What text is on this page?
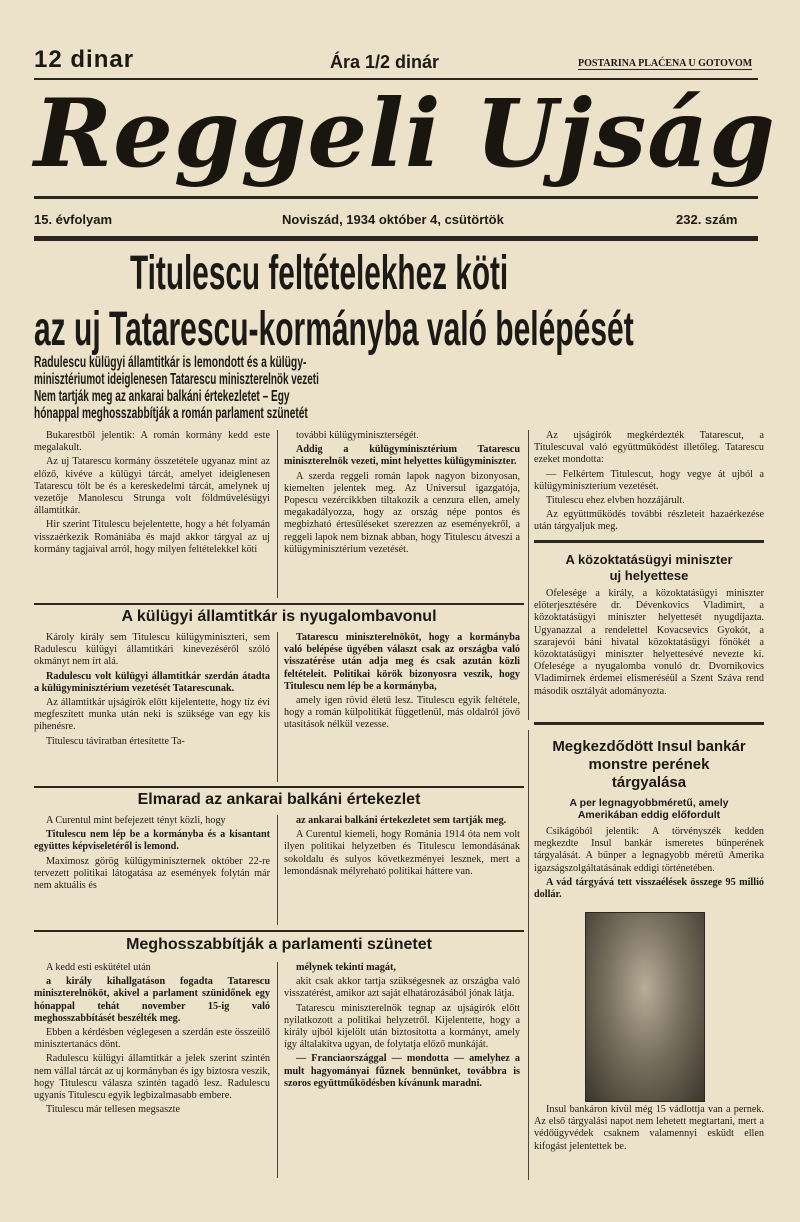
12 dinar	Ára 1/2 dinár	POSTARINA PLAĆENA U GOTOVOM
Reggeli Ujság
15. évfolyam	Noviszád, 1934 október 4, csütörtök	232. szám
Titulescu feltételekhez köti
az uj Tatarescu-kormányba való belépését
Radulescu külügyi államtitkár is lemondott és a külügy-
minisztériumot ideiglenesen Tatarescu miniszterelnök vezeti
Nem tartják meg az ankarai balkáni értekezletet – Egy
hónappal meghosszabbítják a román parlament szünetét

Bukarestből jelentik: A román kormány kedd este megalakult.

Az uj Tatarescu kormány összetétele ugyanaz mint az előző, kivéve a külügyi tárcát, amelyet ideiglenesen Tatarescu tölt be és a kereskedelmi tárcát, amelynek uj vezetője Manolescu Strunga volt földművelésügyi államtitkár.

Hir szerint Titulescu bejelentette, hogy a hét folyamán visszaérkezik Romániába és majd akkor tárgyal az uj kormány tagjaival arról, hogy milyen feltételekkel köti

további külügyminiszterségét.

Addig a külügyminisztérium Tatarescu miniszterelnök vezeti, mint helyettes külügyminiszter.

A szerda reggeli román lapok nagyon bizonyosan, kiemelten jelentek meg. Az Universul igazgatója, Popescu vezércikkben tiltakozik a cenzura ellen, amely megakadályozza, hogy az ország népe pontos és megbizható értesüléseket szerezzen az eseményekről, a reggeli lapok nem biznak abban, hogy Titulescu átveszi a külügyminisztérium vezetését.

Az ujságírók megkérdezték Tatarescut, a Titulescuval való együttműködést illetőleg. Tatarescu ezeket mondotta:

— Felkértem Titulescut, hogy vegye át ujból a külügyminiszterium vezetését.

Titulescu ehez elvben hozzájárult.

Az együttműködés további részleteit hazaérkezése után tárgyaljuk meg.

A külügyi államtitkár is nyugalombavonul

Károly király sem Titulescu külügyminiszteri, sem Radulescu külügyi államtitkári kinevezéséről szóló okmányt nem írt alá.

Radulescu volt külügyi államtitkár szerdán átadta a külügyminisztérium vezetését Tatarescunak.

Az államtitkár ujságírók előtt kijelentette, hogy tíz évi megfeszített munka után neki is szüksége van egy kis pihenésre.

Titulescu táviratban értesítette Ta-

Tatarescu miniszterelnököt, hogy a kormányba való belépése ügyében választ csak az országba való visszatérése után adja meg és csak azután közli feltételeit. Politikai körök bizonyosra veszik, hogy Titulescu nem lép be a kormányba,

amely igen rövid életű lesz. Titulescu egyik feltétele, hogy a román külpolitikát függetlenül, más oldalról jövő utasítások nélkül vezesse.

A közoktatásügyi miniszter
uj helyettese

Ofelesége a király, a közoktatásügyi miniszter elöterjesztésére dr. Dévenkovics Vladimirt, a közoktatásügyi miniszter helyettesét nyugdíjazta. Ugyanazzal a rendelettel Kovacsevics Gyokót, a szarajevói báni hivatal közoktatásügyi főnökét a közoktatásügyi miniszter helyettesévé nevezte ki. Ofelesége a nyugalomba vonuló dr. Dvornikovics Vladimirnek érdemei elismeréséül a Szent Száva rend második osztályát adományozta.

Elmarad az ankarai balkáni értekezlet

A Curentul mint befejezett tényt közli, hogy

Titulescu nem lép be a kormányba és a kisantant együttes képviseletéről is lemond.

Maximosz görög külügyminiszternek október 22-re tervezett politikai látogatása az események folytán már nem aktuális és

az ankarai balkáni értekezletet sem tartják meg.

A Curentul kiemeli, hogy Románia 1914 óta nem volt ilyen politikai helyzetben és Titulescu lemondásának sokoldalu és sulyos következményei lesznek, mert a lemondásnak mélyreható politikai háttere van.

Meghosszabbítják a parlamenti szünetet

A kedd esti eskütétel után

a király kihallgatáson fogadta Tatarescu miniszterelnököt, akivel a parlament szünidőnek egy hónappal tehát november 15-ig való meghosszabbításét beszélték meg.

Ebben a kérdésben véglegesen a szerdán este összeülő minisztertanács dönt.

Radulescu külügyi államtitkár a jelek szerint szintén nem vállal tárcát az uj kormányban és igy biztosra veszik, hogy Titulescu válasza szintén tagadó lesz. Radulescu ugyanis Titulescu egyik legbizalmasabb embere.

Titulescu már tellesen megsaszte

mélynek tekinti magát,

akit csak akkor tartja szükségesnek az országba való visszatérést, amikor azt saját elhatározásából jónak látja.

Tatarescu miniszterelnök tegnap az ujságírók előtt nyilatkozott a politikai helyzetről. Kijelentette, hogy a király ujból kijelölt után biztosította a kormányt, amely így általakítva ugyan, de folytatja előző munkáját.

— Franciaországgal — mondotta — amelyhez a mult hagyományai fűznek bennünket, továbbra is szoros együttműködésben kívánunk maradni.

Megkezdődött Insul bankár
monstre perének
tárgyalása
A per legnagyobbméretű, amely
Amerikában eddig előfordult

Csikágóból jelentik: A törvényszék kedden megkezdte Insul bankár ismeretes bűnperének tárgyalását. A bűnper a legnagyobb méretű Amerika igazságszolgáltatásának eddigi történetében.

A vád tárgyává tett visszaélések összege 95 millió dollár.

Insul bankáron kívül még 15 vádlottja van a pernek. Az első tárgyalási napot nem lehetett megtartani, mert a védőügyvédek csaknem valamennyi esküdt ellen kifogást jelentettek be.
